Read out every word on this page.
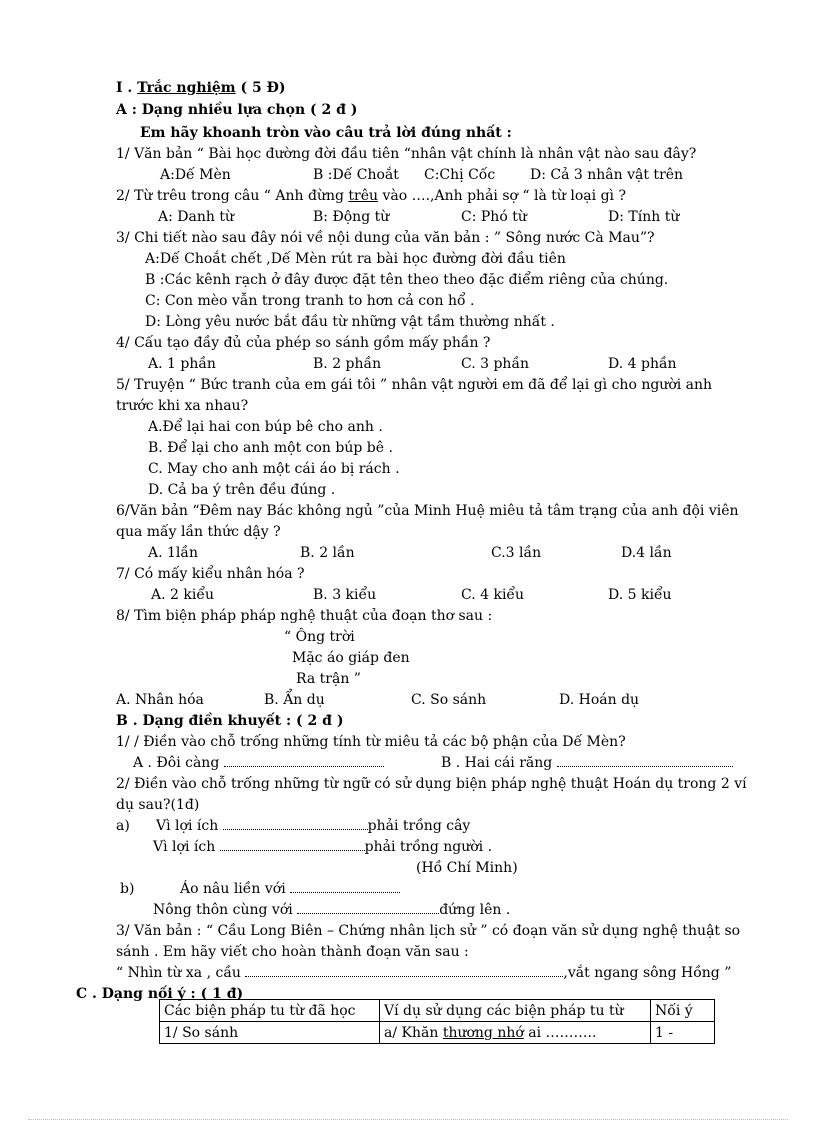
I . Trắc nghiệm ( 5 Đ)
A : Dạng nhiều lựa chọn ( 2 đ )
Em hãy khoanh tròn vào câu trả lời đúng nhất :
1/ Văn bản “ Bài học đường đời đầu tiên “nhân vật chính là nhân vật nào sau đây?
A:Dế Mèn	B :Dế Choắt C:Chị Cốc D: Cả 3 nhân vật trên
2/ Từ trêu trong câu “ Anh đừng trêu vào ….,Anh phải sợ “ là từ loại gì ?
A: Danh từ	B: Động từ	C: Phó từ	D: Tính từ
3/ Chi tiết nào sau đây nói về nội dung của văn bản : ” Sông nước Cà Mau”?
A:Dế Choắt chết ,Dế Mèn rút ra bài học đường đời đầu tiên
B :Các kênh rạch ở đây được đặt tên theo theo đặc điểm riêng của chúng.
C: Con mèo vẫn trong tranh to hơn cả con hổ .
D: Lòng yêu nước bắt đầu từ những vật tầm thường nhất .
4/ Cấu tạo đầy đủ của phép so sánh gồm mấy phần ?
A. 1 phần	B. 2 phần	C. 3 phần	D. 4 phần
5/ Truyện “ Bức tranh của em gái tôi ” nhân vật người em đã để lại gì cho người anh
trước khi xa nhau?
A.Để lại hai con búp bê cho anh .
B. Để lại cho anh một con búp bê .
C. May cho anh một cái áo bị rách .
D. Cả ba ý trên đều đúng .
6/Văn bản “Đêm nay Bác không ngủ ”của Minh Huệ miêu tả tâm trạng của anh đội viên
qua mấy lần thức dậy ?
A. 1lần	B. 2 lần	C.3 lần	D.4 lần
7/ Có mấy kiểu nhân hóa ?
A. 2 kiểu	B. 3 kiểu	C. 4 kiểu	D. 5 kiểu
8/ Tìm biện pháp pháp nghệ thuật của đoạn thơ sau :
“ Ông trời
Mặc áo giáp đen
Ra trận ”
A. Nhân hóa	B. Ẩn dụ	C. So sánh	D. Hoán dụ
B . Dạng điền khuyết : ( 2 đ )
1/ / Điền vào chỗ trống những tính từ miêu tả các bộ phận của Dế Mèn?
A . Đôi càng	B . Hai cái răng
2/ Điền vào chỗ trống những từ ngữ có sử dụng biện pháp nghệ thuật Hoán dụ trong 2 ví
dụ sau?(1đ)
a) Vì lợi ích	phải trồng cây
Vì lợi ích	phải trồng người .
(Hồ Chí Minh)
b)	Áo nâu liền với
Nông thôn cùng với	đứng lên .
3/ Văn bản : “ Cầu Long Biên – Chứng nhân lịch sử ” có đoạn văn sử dụng nghệ thuật so
sánh . Em hãy viết cho hoàn thành đoạn văn sau :
“ Nhìn từ xa , cầu	,vắt ngang sông Hồng ”
C . Dạng nối ý : ( 1 đ)
Các biện pháp tu từ đã học	Ví dụ sử dụng các biện pháp tu từ	Nối ý
1/ So sánh	a/ Khăn thương nhớ ai ………..	1 -
